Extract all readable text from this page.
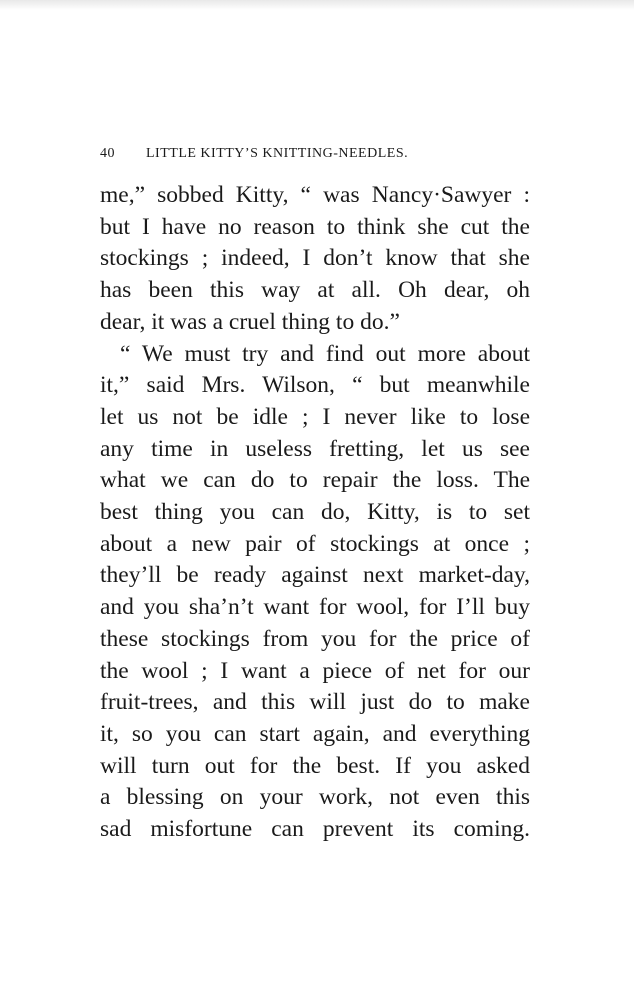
40 LITTLE KITTY’S KNITTING-NEEDLES.
me,” sobbed Kitty, “ was Nancy·Sawyer :
but I have no reason to think she cut the
stockings ; indeed, I don’t know that she
has been this way at all. Oh dear, oh
dear, it was a cruel thing to do.”
“ We must try and find out more about
it,” said Mrs. Wilson, “ but meanwhile
let us not be idle ; I never like to lose
any time in useless fretting, let us see
what we can do to repair the loss. The
best thing you can do, Kitty, is to set
about a new pair of stockings at once ;
they’ll be ready against next market-day,
and you sha’n’t want for wool, for I’ll buy
these stockings from you for the price of
the wool ; I want a piece of net for our
fruit-trees, and this will just do to make
it, so you can start again, and everything
will turn out for the best. If you asked
a blessing on your work, not even this
sad misfortune can prevent its coming.
